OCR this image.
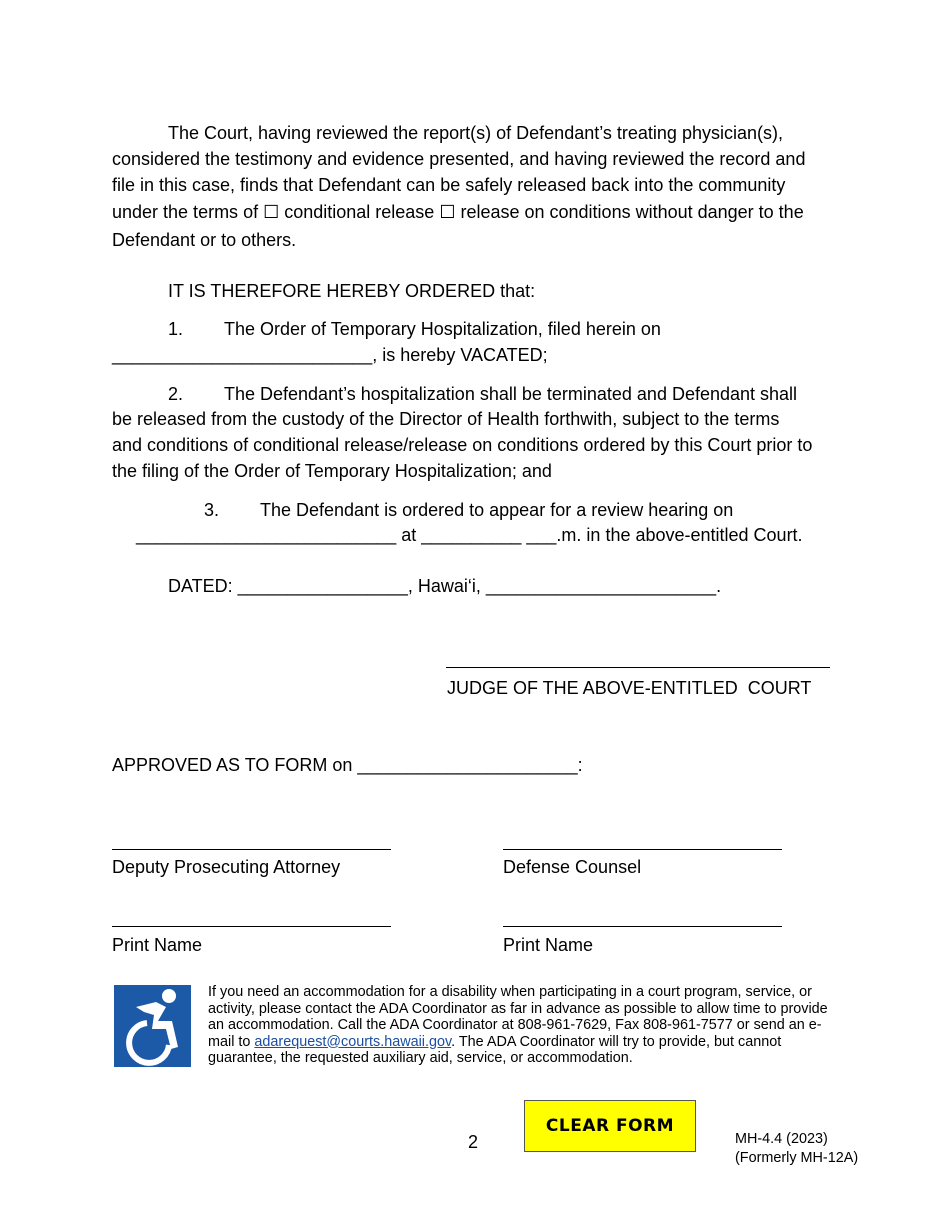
The Court, having reviewed the report(s) of Defendant’s treating physician(s),
considered the testimony and evidence presented, and having reviewed the record and
file in this case, finds that Defendant can be safely released back into the community
under the terms of ☐ conditional release ☐ release on conditions without danger to the
Defendant or to others.
IT IS THEREFORE HEREBY ORDERED that:
1. The Order of Temporary Hospitalization, filed herein on
__________________________, is hereby VACATED;
2. The Defendant’s hospitalization shall be terminated and Defendant shall
be released from the custody of the Director of Health forthwith, subject to the terms
and conditions of conditional release/release on conditions ordered by this Court prior to
the filing of the Order of Temporary Hospitalization; and
3. The Defendant is ordered to appear for a review hearing on
__________________________ at __________ ___.m. in the above-entitled Court.
DATED: _________________, Hawai‘i, _______________________.
JUDGE OF THE ABOVE-ENTITLED  COURT
APPROVED AS TO FORM on ______________________:
Deputy Prosecuting Attorney	Defense Counsel
Print Name	Print Name
If you need an accommodation for a disability when participating in a court program, service, or activity, please contact the ADA Coordinator as far in advance as possible to allow time to provide an accommodation. Call the ADA Coordinator at 808-961-7629, Fax 808-961-7577 or send an e-mail to adarequest@courts.hawaii.gov. The ADA Coordinator will try to provide, but cannot guarantee, the requested auxiliary aid, service, or accommodation.
2
CLEAR FORM
MH-4.4 (2023)
(Formerly MH-12A)
